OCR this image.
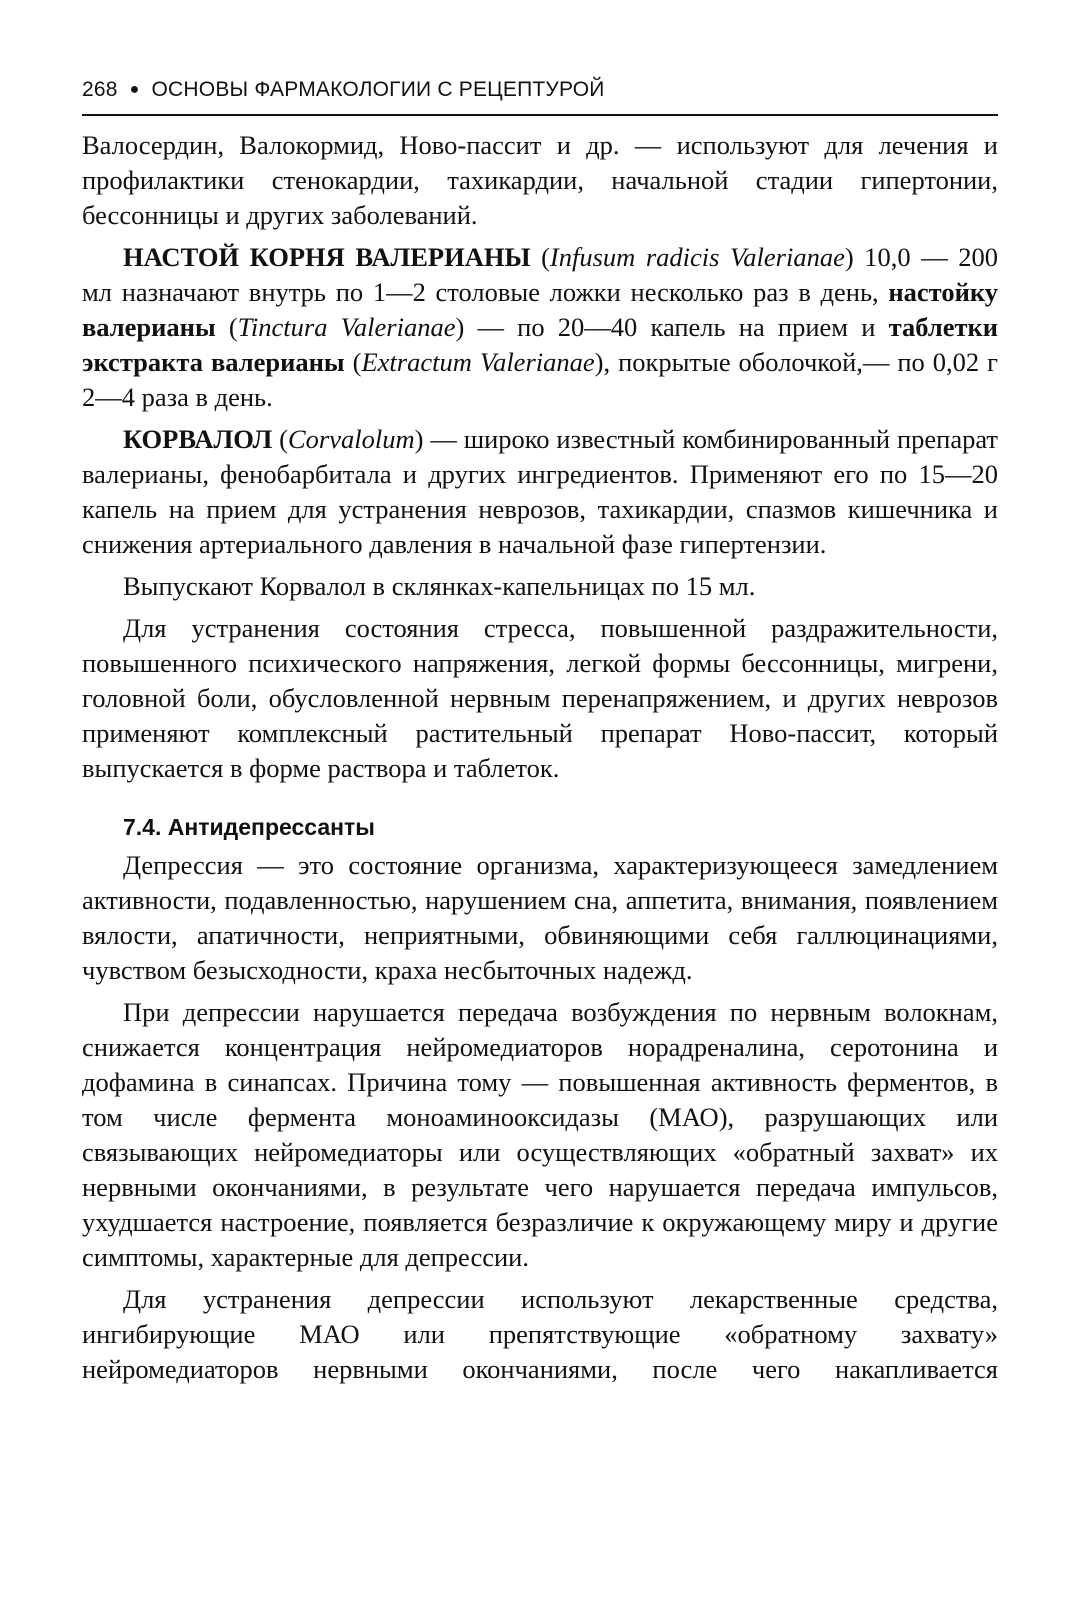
268 ● ОСНОВЫ ФАРМАКОЛОГИИ С РЕЦЕПТУРОЙ

Валосердин, Валокормид, Ново-пассит и др. — используют для лечения и профилактики стенокардии, тахикардии, начальной стадии гипертонии, бессонницы и других заболеваний.

НАСТОЙ КОРНЯ ВАЛЕРИАНЫ (Infusum radicis Valerianae) 10,0 — 200 мл назначают внутрь по 1—2 столовые ложки несколько раз в день, настойку валерианы (Tinctura Valerianae) — по 20—40 капель на прием и таблетки экстракта валерианы (Extractum Valerianae), покрытые оболочкой,— по 0,02 г 2—4 раза в день.

КОРВАЛОЛ (Corvalolum) — широко известный комбинированный препарат валерианы, фенобарбитала и других ингредиентов. Применяют его по 15—20 капель на прием для устранения неврозов, тахикардии, спазмов кишечника и снижения артериального давления в начальной фазе гипертензии.

Выпускают Корвалол в склянках-капельницах по 15 мл.

Для устранения состояния стресса, повышенной раздражительности, повышенного психического напряжения, легкой формы бессонницы, мигрени, головной боли, обусловленной нервным перенапряжением, и других неврозов применяют комплексный растительный препарат Ново-пассит, который выпускается в форме раствора и таблеток.

7.4. Антидепрессанты

Депрессия — это состояние организма, характеризующееся замедлением активности, подавленностью, нарушением сна, аппетита, внимания, появлением вялости, апатичности, неприятными, обвиняющими себя галлюцинациями, чувством безысходности, краха несбыточных надежд.

При депрессии нарушается передача возбуждения по нервным волокнам, снижается концентрация нейромедиаторов норадреналина, серотонина и дофамина в синапсах. Причина тому — повышенная активность ферментов, в том числе фермента моноаминооксидазы (МАО), разрушающих или связывающих нейромедиаторы или осуществляющих «обратный захват» их нервными окончаниями, в результате чего нарушается передача импульсов, ухудшается настроение, появляется безразличие к окружающему миру и другие симптомы, характерные для депрессии.

Для устранения депрессии используют лекарственные средства, ингибирующие МАО или препятствующие «обратному захвату» нейромедиаторов нервными окончаниями, после чего накапливается
